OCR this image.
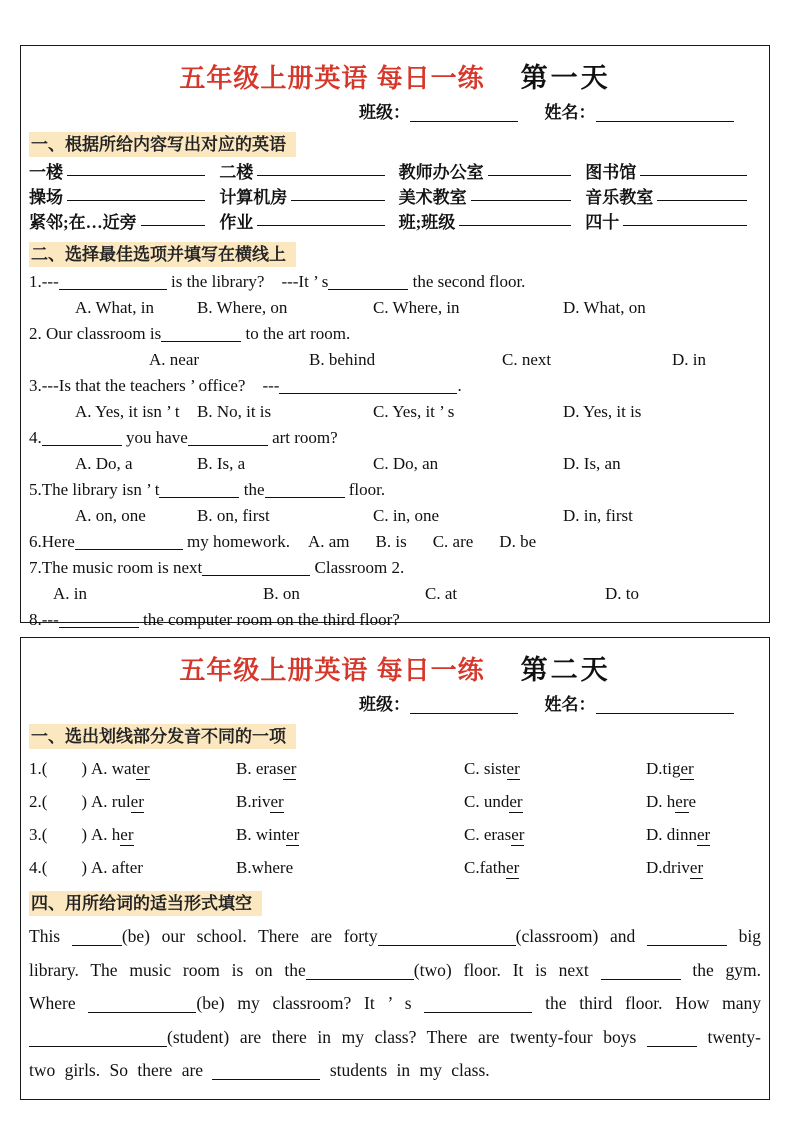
五年级上册英语 每日一练 第一天
班级：	姓名：
一、根据所给内容写出对应的英语
一楼	二楼	教师办公室	图书馆
操场	计算机房	美术教室	音乐教室
紧邻;在…近旁	作业	班;班级	四十
二、选择最佳选项并填写在横线上
1.---	is the library?　---It ’ s	the second floor.
A. What, in	B. Where, on	C. Where, in	D. What, on
2. Our classroom is	to the art room.
A. near	B. behind	C. next	D. in
3.---Is that the teachers ’ office?　---	.
A. Yes, it isn ’ t	B. No, it is	C. Yes, it ’ s	D. Yes, it is
4.	you have	art room?
A. Do, a	B. Is, a	C. Do, an	D. Is, an
5.The library isn ’ t	the	floor.
A. on, one	B. on, first	C. in, one	D. in, first
6.Here	my homework. A. am B. is C. are D. be
7.The music room is next	Classroom 2.
A. in	B. on	C. at	D. to
8.---	the computer room on the third floor?
五年级上册英语 每日一练 第二天
班级：	姓名：
一、选出划线部分发音不同的一项
1.(　　) A. water	B. eraser	C. sister	D.tiger
2.(　　) A. ruler	B.river	C. under	D. here
3.(　　) A. her	B. winter	C. eraser	D. dinner
4.(　　) A. after	B.where	C.father	D.driver
四、用所给词的适当形式填空
This	(be) our school. There are forty	(classroom) and	big library. The music room is on the	(two) floor. It is next	the gym. Where	(be) my classroom? It ’ s	the third floor. How many(student) are there in my class? There are twenty-four boys	twenty-two girls. So there are	students in my class.
